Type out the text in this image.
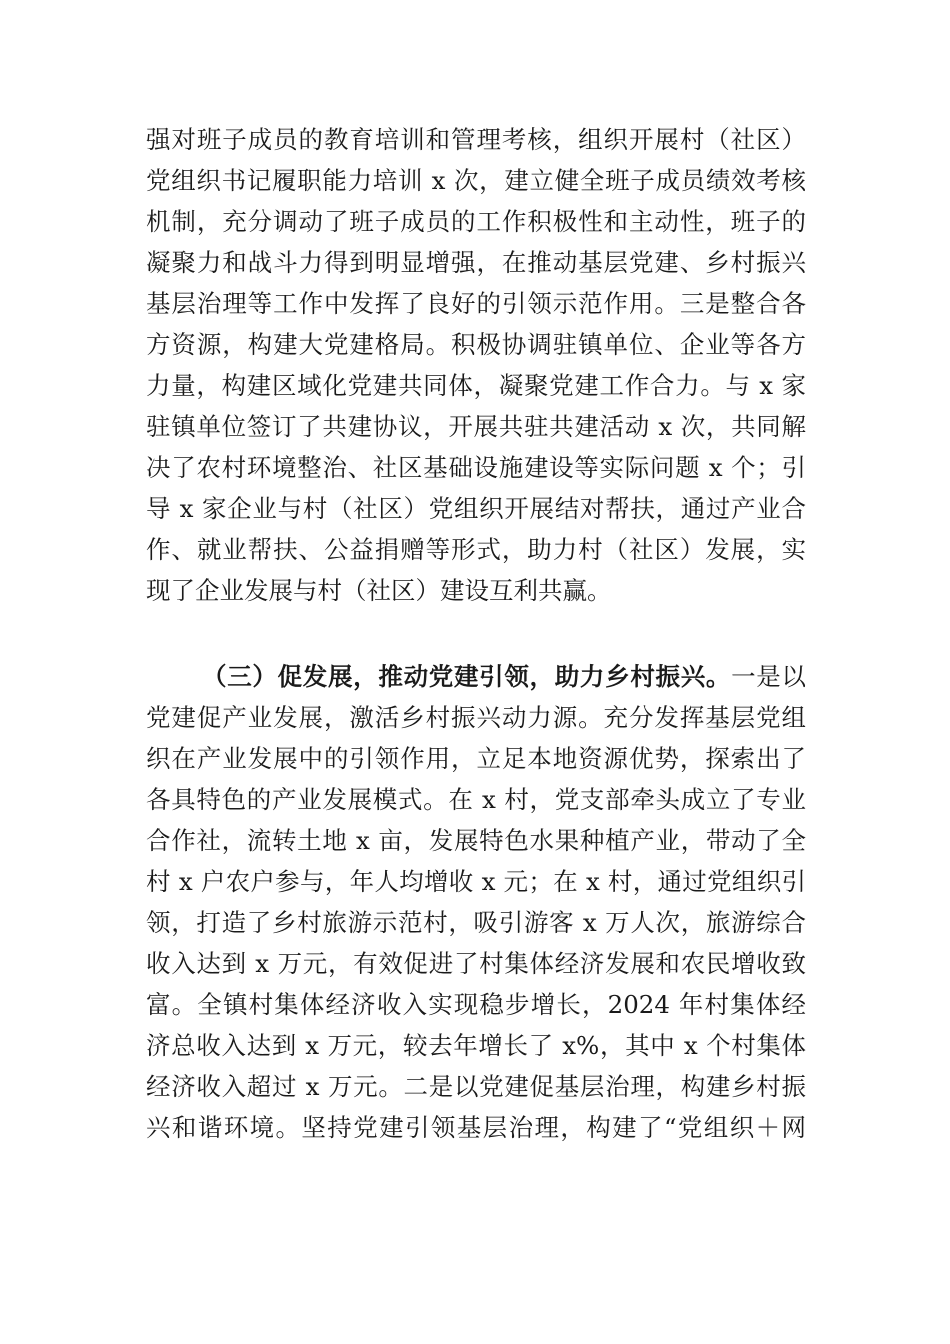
强对班子成员的教育培训和管理考核，组织开展村（社区）
党组织书记履职能力培训 x 次，建立健全班子成员绩效考核
机制，充分调动了班子成员的工作积极性和主动性，班子的
凝聚力和战斗力得到明显增强，在推动基层党建、乡村振兴
基层治理等工作中发挥了良好的引领示范作用。三是整合各
方资源，构建大党建格局。积极协调驻镇单位、企业等各方
力量，构建区域化党建共同体，凝聚党建工作合力。与 x 家
驻镇单位签订了共建协议，开展共驻共建活动 x 次，共同解
决了农村环境整治、社区基础设施建设等实际问题 x 个；引
导 x 家企业与村（社区）党组织开展结对帮扶，通过产业合
作、就业帮扶、公益捐赠等形式，助力村（社区）发展，实
现了企业发展与村（社区）建设互利共赢。
（三）促发展，推动党建引领，助力乡村振兴。一是以
党建促产业发展，激活乡村振兴动力源。充分发挥基层党组
织在产业发展中的引领作用，立足本地资源优势，探索出了
各具特色的产业发展模式。在 x 村，党支部牵头成立了专业
合作社，流转土地 x 亩，发展特色水果种植产业，带动了全
村 x 户农户参与，年人均增收 x 元；在 x 村，通过党组织引
领，打造了乡村旅游示范村，吸引游客 x 万人次，旅游综合
收入达到 x 万元，有效促进了村集体经济发展和农民增收致
富。全镇村集体经济收入实现稳步增长，2024 年村集体经
济总收入达到 x 万元，较去年增长了 x%，其中 x 个村集体
经济收入超过 x 万元。二是以党建促基层治理，构建乡村振
兴和谐环境。坚持党建引领基层治理，构建了“党组织＋网
